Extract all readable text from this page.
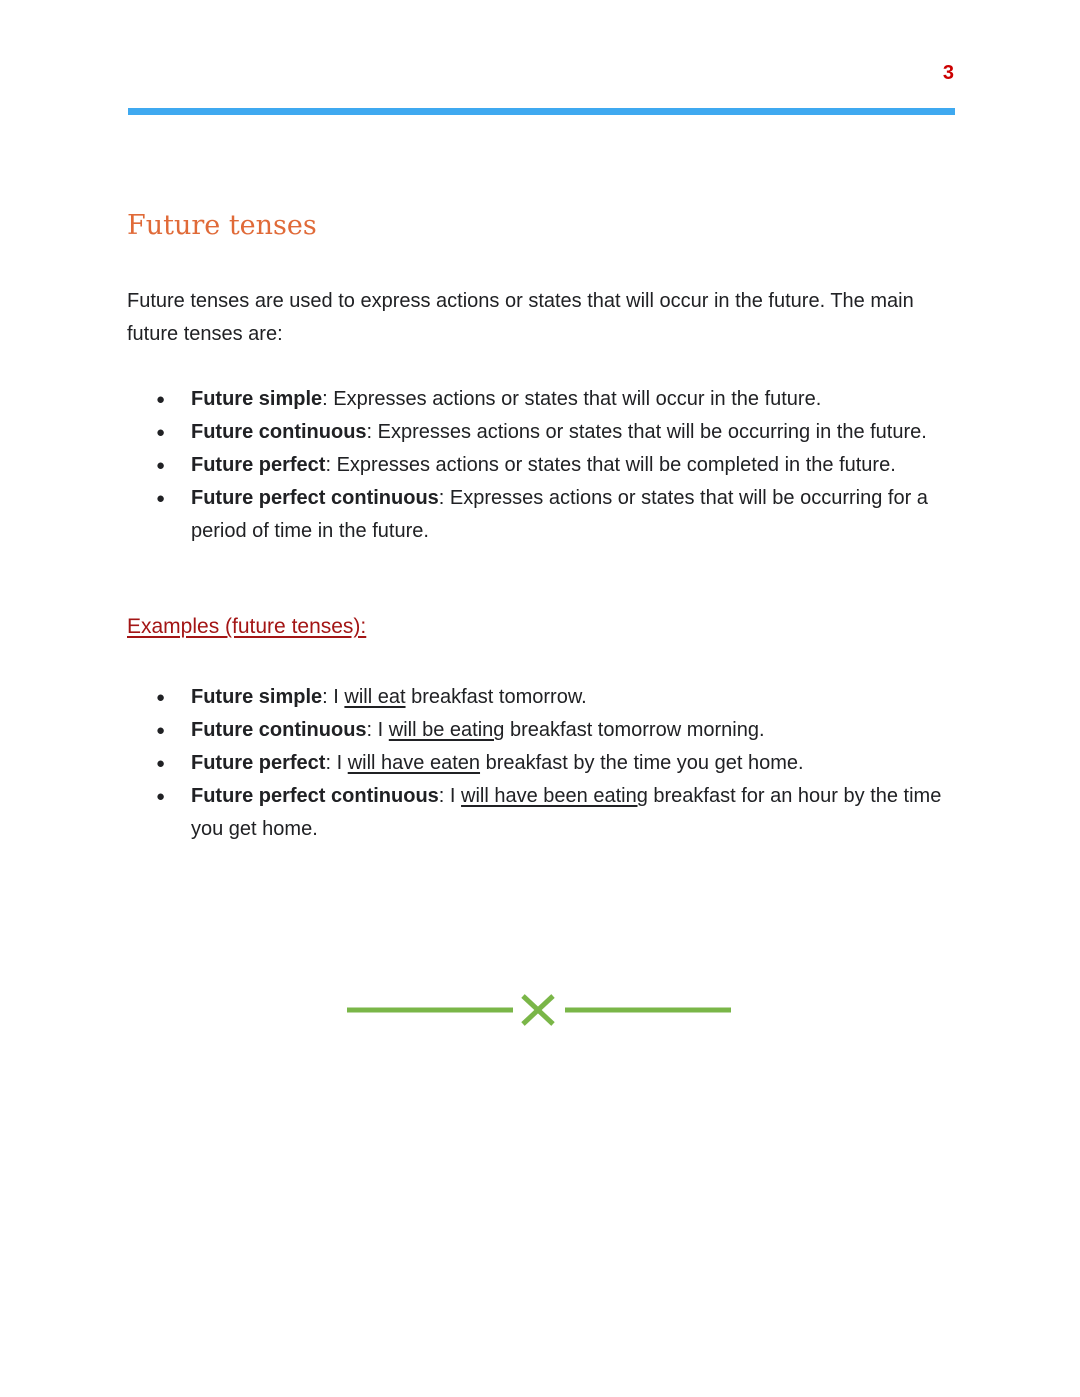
3
Future tenses

Future tenses are used to express actions or states that will occur in the future. The main future tenses are:

● Future simple: Expresses actions or states that will occur in the future.
● Future continuous: Expresses actions or states that will be occurring in the future.
● Future perfect: Expresses actions or states that will be completed in the future.
● Future perfect continuous: Expresses actions or states that will be occurring for a period of time in the future.
Examples (future tenses):
● Future simple: I will eat breakfast tomorrow.
● Future continuous: I will be eating breakfast tomorrow morning.
● Future perfect: I will have eaten breakfast by the time you get home.
● Future perfect continuous: I will have been eating breakfast for an hour by the time you get home.
